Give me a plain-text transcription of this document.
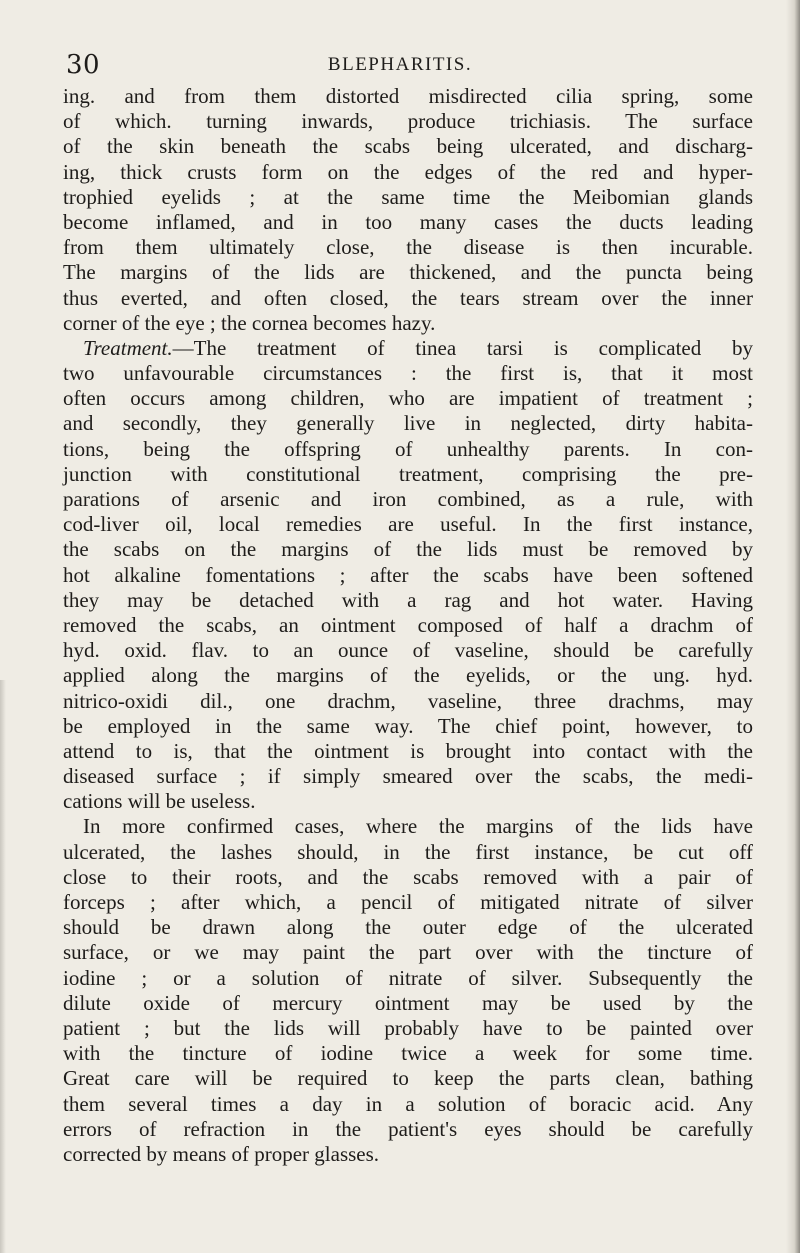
30	BLEPHARITIS.
ing. and from them distorted misdirected cilia spring, some
of which. turning inwards, produce trichiasis. The surface
of the skin beneath the scabs being ulcerated, and discharg-
ing, thick crusts form on the edges of the red and hyper-
trophied eyelids ; at the same time the Meibomian glands
become inflamed, and in too many cases the ducts leading
from them ultimately close, the disease is then incurable.
The margins of the lids are thickened, and the puncta being
thus everted, and often closed, the tears stream over the inner
corner of the eye ; the cornea becomes hazy.
Treatment.—The treatment of tinea tarsi is complicated by
two unfavourable circumstances : the first is, that it most
often occurs among children, who are impatient of treatment ;
and secondly, they generally live in neglected, dirty habita-
tions, being the offspring of unhealthy parents. In con-
junction with constitutional treatment, comprising the pre-
parations of arsenic and iron combined, as a rule, with
cod-liver oil, local remedies are useful. In the first instance,
the scabs on the margins of the lids must be removed by
hot alkaline fomentations ; after the scabs have been softened
they may be detached with a rag and hot water. Having
removed the scabs, an ointment composed of half a drachm of
hyd. oxid. flav. to an ounce of vaseline, should be carefully
applied along the margins of the eyelids, or the ung. hyd.
nitrico-oxidi dil., one drachm, vaseline, three drachms, may
be employed in the same way. The chief point, however, to
attend to is, that the ointment is brought into contact with the
diseased surface ; if simply smeared over the scabs, the medi-
cations will be useless.
In more confirmed cases, where the margins of the lids have
ulcerated, the lashes should, in the first instance, be cut off
close to their roots, and the scabs removed with a pair of
forceps ; after which, a pencil of mitigated nitrate of silver
should be drawn along the outer edge of the ulcerated
surface, or we may paint the part over with the tincture of
iodine ; or a solution of nitrate of silver. Subsequently the
dilute oxide of mercury ointment may be used by the
patient ; but the lids will probably have to be painted over
with the tincture of iodine twice a week for some time.
Great care will be required to keep the parts clean, bathing
them several times a day in a solution of boracic acid. Any
errors of refraction in the patient's eyes should be carefully
corrected by means of proper glasses.
